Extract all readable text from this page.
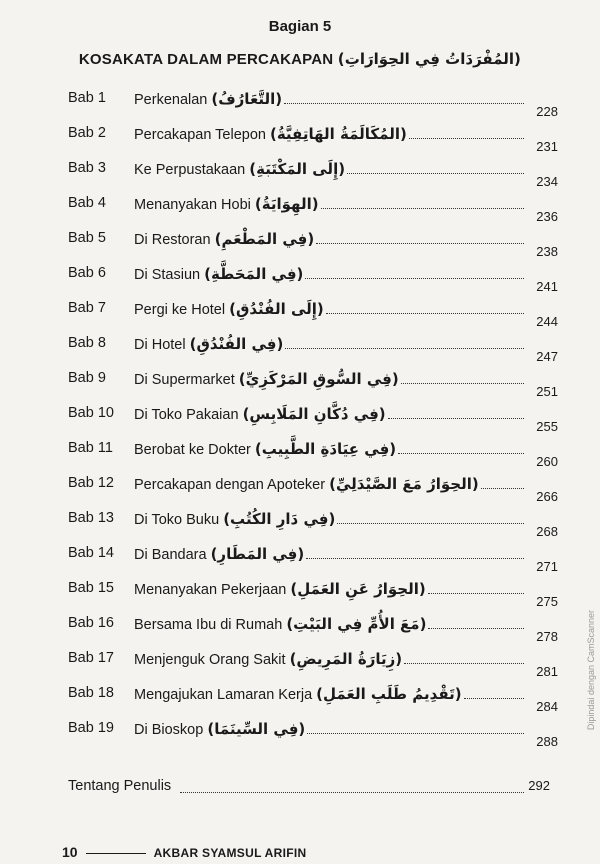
Bagian 5
KOSAKATA DALAM PERCAKAPAN (المُفْرَدَاتُ فِي الحِوَارَاتِ)
Bab 1 Perkenalan (التَّعَارُفُ)
228
Bab 2 Percakapan Telepon (المُكَالَمَةُ الهَاتِفِيَّةُ)
231
Bab 3 Ke Perpustakaan (إِلَى المَكْتَبَةِ)
234
Bab 4 Menanyakan Hobi (الهِوَايَةُ)
236
Bab 5 Di Restoran (فِي المَطْعَمِ)
238
Bab 6 Di Stasiun (فِي المَحَطَّةِ)
241
Bab 7 Pergi ke Hotel (إِلَى الفُنْدُقِ)
244
Bab 8 Di Hotel (فِي الفُنْدُقِ)
247
Bab 9 Di Supermarket (فِي السُّوقِ المَرْكَزِيِّ)
251
Bab 10 Di Toko Pakaian (فِي دُكَّانِ المَلَابِسِ)
255
Bab 11 Berobat ke Dokter (فِي عِيَادَةِ الطَّبِيبِ)
260
Bab 12 Percakapan dengan Apoteker (الحِوَارُ مَعَ الصَّيْدَلِيِّ)
266
Bab 13 Di Toko Buku (فِي دَارِ الكُتُبِ)
268
Bab 14 Di Bandara (فِي المَطَارِ)
271
Bab 15 Menanyakan Pekerjaan (الحِوَارُ عَنِ العَمَلِ)
275
Bab 16 Bersama Ibu di Rumah (مَعَ الأُمِّ فِي البَيْتِ)
278
Bab 17 Menjenguk Orang Sakit (زِيَارَةُ المَرِيضِ)
281
Bab 18 Mengajukan Lamaran Kerja (تَقْدِيمُ طَلَبِ العَمَلِ)
284
Bab 19 Di Bioskop (فِي السِّينَمَا)
288
Tentang Penulis	292
10	AKBAR SYAMSUL ARIFIN
Dipindai dengan CamScanner
